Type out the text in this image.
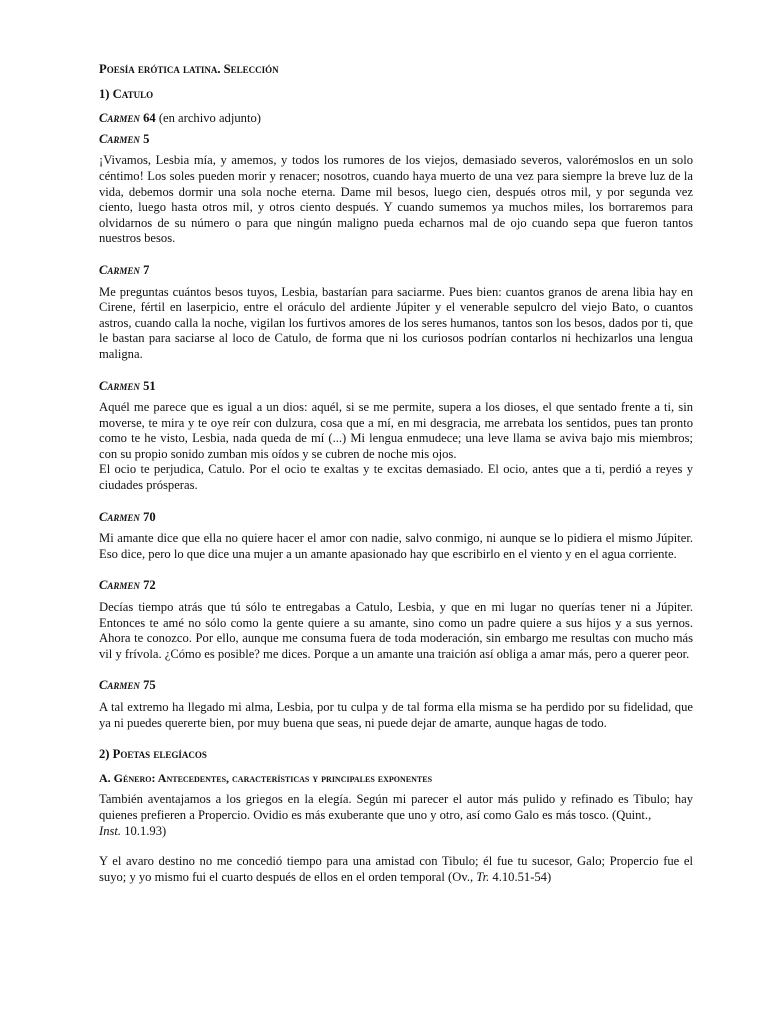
Poesía erótica latina. Selección
1) Catulo
Carmen 64 (en archivo adjunto)
Carmen 5

¡Vivamos, Lesbia mía, y amemos, y todos los rumores de los viejos, demasiado severos, valorémoslos en un solo céntimo! Los soles pueden morir y renacer; nosotros, cuando haya muerto de una vez para siempre la breve luz de la vida, debemos dormir una sola noche eterna. Dame mil besos, luego cien, después otros mil, y por segunda vez ciento, luego hasta otros mil, y otros ciento después. Y cuando sumemos ya muchos miles, los borraremos para olvidarnos de su número o para que ningún maligno pueda echarnos mal de ojo cuando sepa que fueron tantos nuestros besos.

Carmen 7

Me preguntas cuántos besos tuyos, Lesbia, bastarían para saciarme. Pues bien: cuantos granos de arena libia hay en Cirene, fértil en laserpicio, entre el oráculo del ardiente Júpiter y el venerable sepulcro del viejo Bato, o cuantos astros, cuando calla la noche, vigilan los furtivos amores de los seres humanos, tantos son los besos, dados por ti, que le bastan para saciarse al loco de Catulo, de forma que ni los curiosos podrían contarlos ni hechizarlos una lengua maligna.

Carmen 51

Aquél me parece que es igual a un dios: aquél, si se me permite, supera a los dioses, el que sentado frente a ti, sin moverse, te mira y te oye reír con dulzura, cosa que a mí, en mi desgracia, me arrebata los sentidos, pues tan pronto como te he visto, Lesbia, nada queda de mí (...) Mi lengua enmudece; una leve llama se aviva bajo mis miembros; con su propio sonido zumban mis oídos y se cubren de noche mis ojos.

El ocio te perjudica, Catulo. Por el ocio te exaltas y te excitas demasiado. El ocio, antes que a ti, perdió a reyes y ciudades prósperas.

Carmen 70

Mi amante dice que ella no quiere hacer el amor con nadie, salvo conmigo, ni aunque se lo pidiera el mismo Júpiter. Eso dice, pero lo que dice una mujer a un amante apasionado hay que escribirlo en el viento y en el agua corriente.

Carmen 72

Decías tiempo atrás que tú sólo te entregabas a Catulo, Lesbia, y que en mi lugar no querías tener ni a Júpiter. Entonces te amé no sólo como la gente quiere a su amante, sino como un padre quiere a sus hijos y a sus yernos. Ahora te conozco. Por ello, aunque me consuma fuera de toda moderación, sin embargo me resultas con mucho más vil y frívola. ¿Cómo es posible? me dices. Porque a un amante una traición así obliga a amar más, pero a querer peor.

Carmen 75

A tal extremo ha llegado mi alma, Lesbia, por tu culpa y de tal forma ella misma se ha perdido por su fidelidad, que ya ni puedes quererte bien, por muy buena que seas, ni puede dejar de amarte, aunque hagas de todo.

2) Poetas elegíacos
A. Género: Antecedentes, características y principales exponentes

También aventajamos a los griegos en la elegía. Según mi parecer el autor más pulido y refinado es Tibulo; hay quienes prefieren a Propercio. Ovidio es más exuberante que uno y otro, así como Galo es más tosco. (Quint.,
Inst. 10.1.93)

Y el avaro destino no me concedió tiempo para una amistad con Tibulo; él fue tu sucesor, Galo; Propercio fue el suyo; y yo mismo fui el cuarto después de ellos en el orden temporal (Ov., Tr. 4.10.51-54)
